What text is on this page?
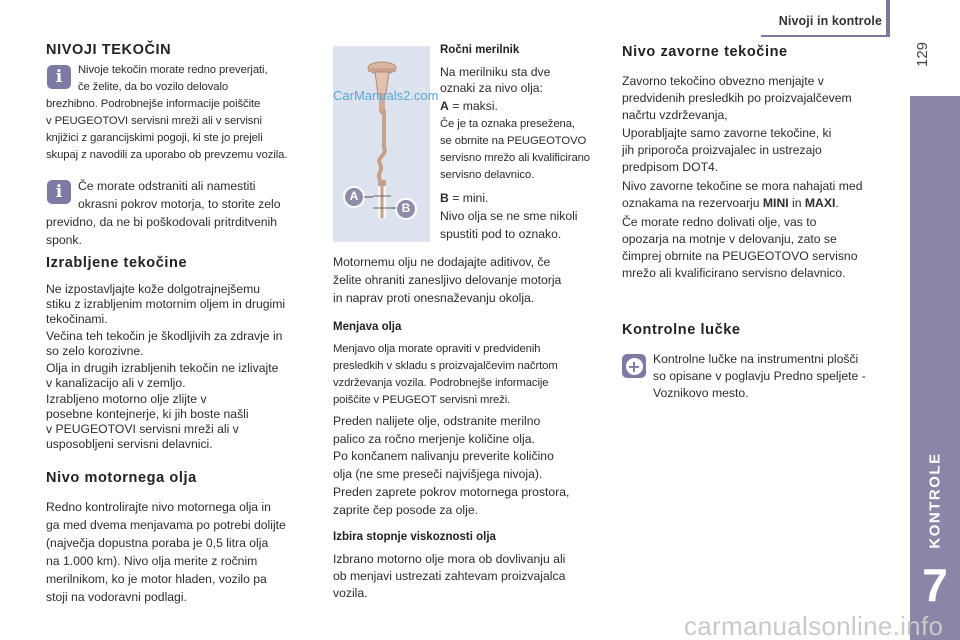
Nivoji in kontrole
129
KONTROLE
7
NIVOJI TEKOČIN
i	Nivoje tekočin morate redno preverjati,
če želite, da bo vozilo delovalo
brezhibno. Podrobnejše informacije poiščite
v PEUGEOTOVI servisni mreži ali v servisni
knjižici z garancijskimi pogoji, ki ste jo prejeli
skupaj z navodili za uporabo ob prevzemu vozila.
i	Če morate odstraniti ali namestiti
okrasni pokrov motorja, to storite zelo
previdno, da ne bi poškodovali pritrditvenih
sponk.
Izrabljene tekočine
Ne izpostavljajte kože dolgotrajnejšemu
stiku z izrabljenim motornim oljem in drugimi
tekočinami.
Večina teh tekočin je škodljivih za zdravje in
so zelo korozivne.
Olja in drugih izrabljenih tekočin ne izlivajte
v kanalizacijo ali v zemljo.
Izrabljeno motorno olje zlijte v
posebne kontejnerje, ki jih boste našli
v PEUGEOTOVI servisni mreži ali v
usposobljeni servisni delavnici.
Nivo motornega olja
Redno kontrolirajte nivo motornega olja in
ga med dvema menjavama po potrebi dolijte
(največja dopustna poraba je 0,5 litra olja
na 1.000 km). Nivo olja merite z ročnim
merilnikom, ko je motor hladen, vozilo pa
stoji na vodoravni podlagi.
A
B
CarManuals2.com
Ročni merilnik
Na merilniku sta dve
oznaki za nivo olja:
A = maksi.
Če je ta oznaka presežena,
se obrnite na PEUGEOTOVO
servisno mrežo ali kvalificirano
servisno delavnico.
B = mini.
Nivo olja se ne sme nikoli
spustiti pod to oznako.
Motornemu olju ne dodajajte aditivov, če
želite ohraniti zanesljivo delovanje motorja
in naprav proti onesnaževanju okolja.
Menjava olja
Menjavo olja morate opraviti v predvidenih
presledkih v skladu s proizvajalčevim načrtom
vzdrževanja vozila. Podrobnejše informacije
poiščite v PEUGEOT servisni mreži.
Preden nalijete olje, odstranite merilno
palico za ročno merjenje količine olja.
Po končanem nalivanju preverite količino
olja (ne sme preseči najvišjega nivoja).
Preden zaprete pokrov motornega prostora,
zaprite čep posode za olje.
Izbira stopnje viskoznosti olja
Izbrano motorno olje mora ob dovlivanju ali
ob menjavi ustrezati zahtevam proizvajalca
vozila.
Nivo zavorne tekočine
Zavorno tekočino obvezno menjajte v
predvidenih presledkih po proizvajalčevem
načrtu vzdrževanja,
Uporabljajte samo zavorne tekočine, ki
jih priporoča proizvajalec in ustrezajo
predpisom DOT4.
Nivo zavorne tekočine se mora nahajati med
oznakama na rezervoarju MINI in MAXI.
Če morate redno dolivati olje, vas to
opozarja na motnje v delovanju, zato se
čimprej obrnite na PEUGEOTOVO servisno
mrežo ali kvalificirano servisno delavnico.
Kontrolne lučke
+ Kontrolne lučke na instrumentni plošči
so opisane v poglavju Predno speljete -
Voznikovo mesto.
carmanualsonline.info
